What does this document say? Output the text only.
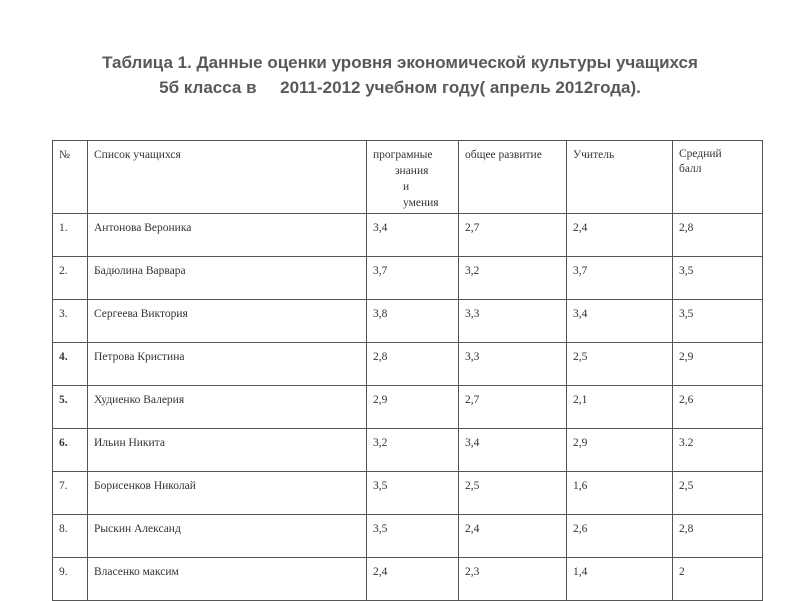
Таблица 1. Данные оценки уровня экономической культуры учащихся
5б класса в     2011-2012 учебном году( апрель 2012года).
№	Список учащихся	програмные
знания
и
умения	общее развитие	Учитель	Средний балл
1.	Антонова Вероника	3,4	2,7	2,4	2,8
2.	Бадюлина Варвара	3,7	3,2	3,7	3,5
3.	Сергеева Виктория	3,8	3,3	3,4	3,5
4.	Петрова Кристина	2,8	3,3	2,5	2,9
5.	Худиенко Валерия	2,9	2,7	2,1	2,6
6.	Ильин Никита	3,2	3,4	2,9	3.2
7.	Борисенков Николай	3,5	2,5	1,6	2,5
8.	Рыскин Александ	3,5	2,4	2,6	2,8
9.	Власенко максим	2,4	2,3	1,4	2
